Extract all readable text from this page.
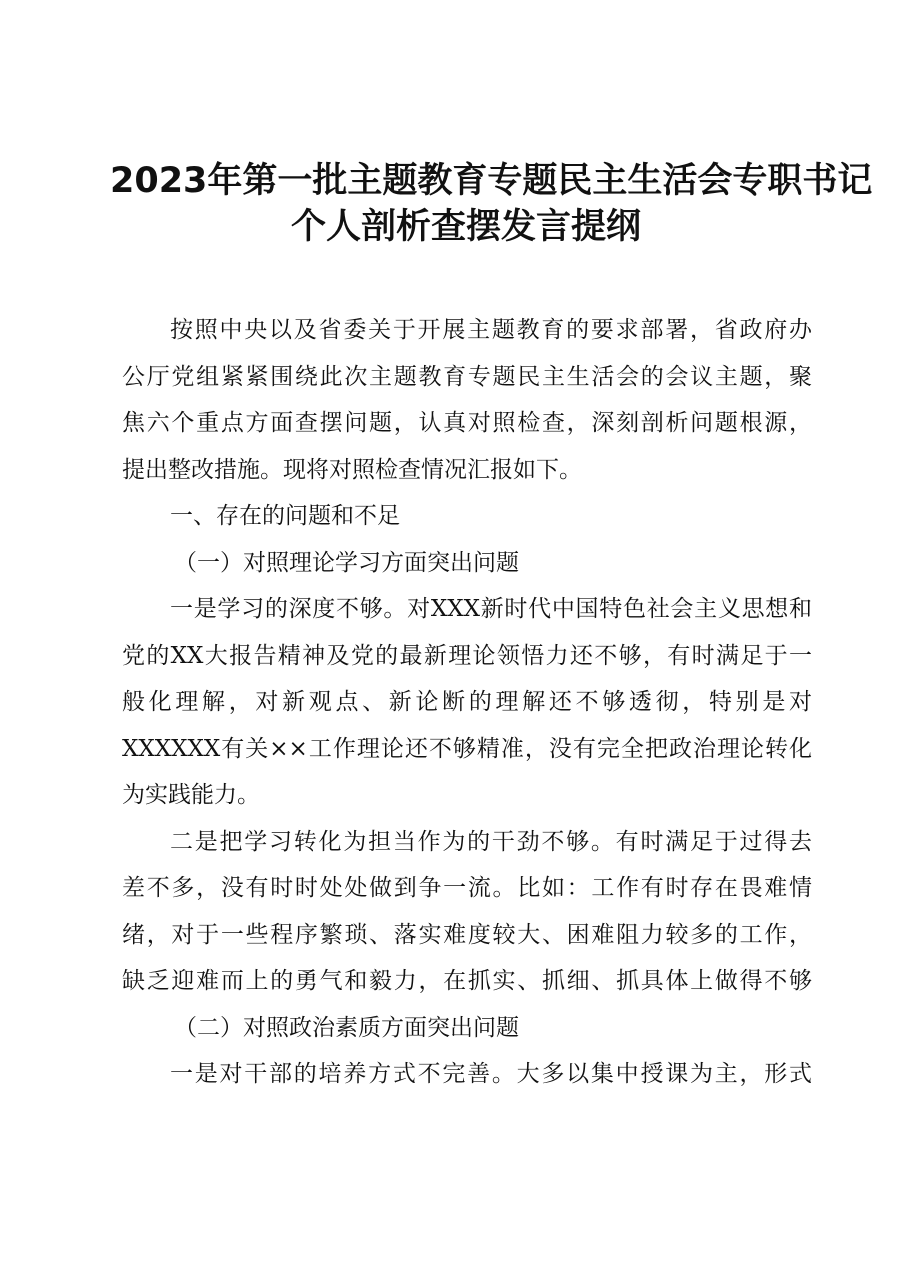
2023年第一批主题教育专题民主生活会专职书记
个人剖析查摆发言提纲

按照中央以及省委关于开展主题教育的要求部署，省政府办
公厅党组紧紧围绕此次主题教育专题民主生活会的会议主题，聚
焦六个重点方面查摆问题，认真对照检查，深刻剖析问题根源，
提出整改措施。现将对照检查情况汇报如下。

一、存在的问题和不足

（一）对照理论学习方面突出问题

一是学习的深度不够。对XXX新时代中国特色社会主义思想和
党的XX大报告精神及党的最新理论领悟力还不够，有时满足于一
般化理解，对新观点、新论断的理解还不够透彻，特别是对
XXXXXX有关××工作理论还不够精准，没有完全把政治理论转化
为实践能力。

二是把学习转化为担当作为的干劲不够。有时满足于过得去
差不多，没有时时处处做到争一流。比如：工作有时存在畏难情
绪，对于一些程序繁琐、落实难度较大、困难阻力较多的工作，
缺乏迎难而上的勇气和毅力，在抓实、抓细、抓具体上做得不够

（二）对照政治素质方面突出问题

一是对干部的培养方式不完善。大多以集中授课为主，形式
